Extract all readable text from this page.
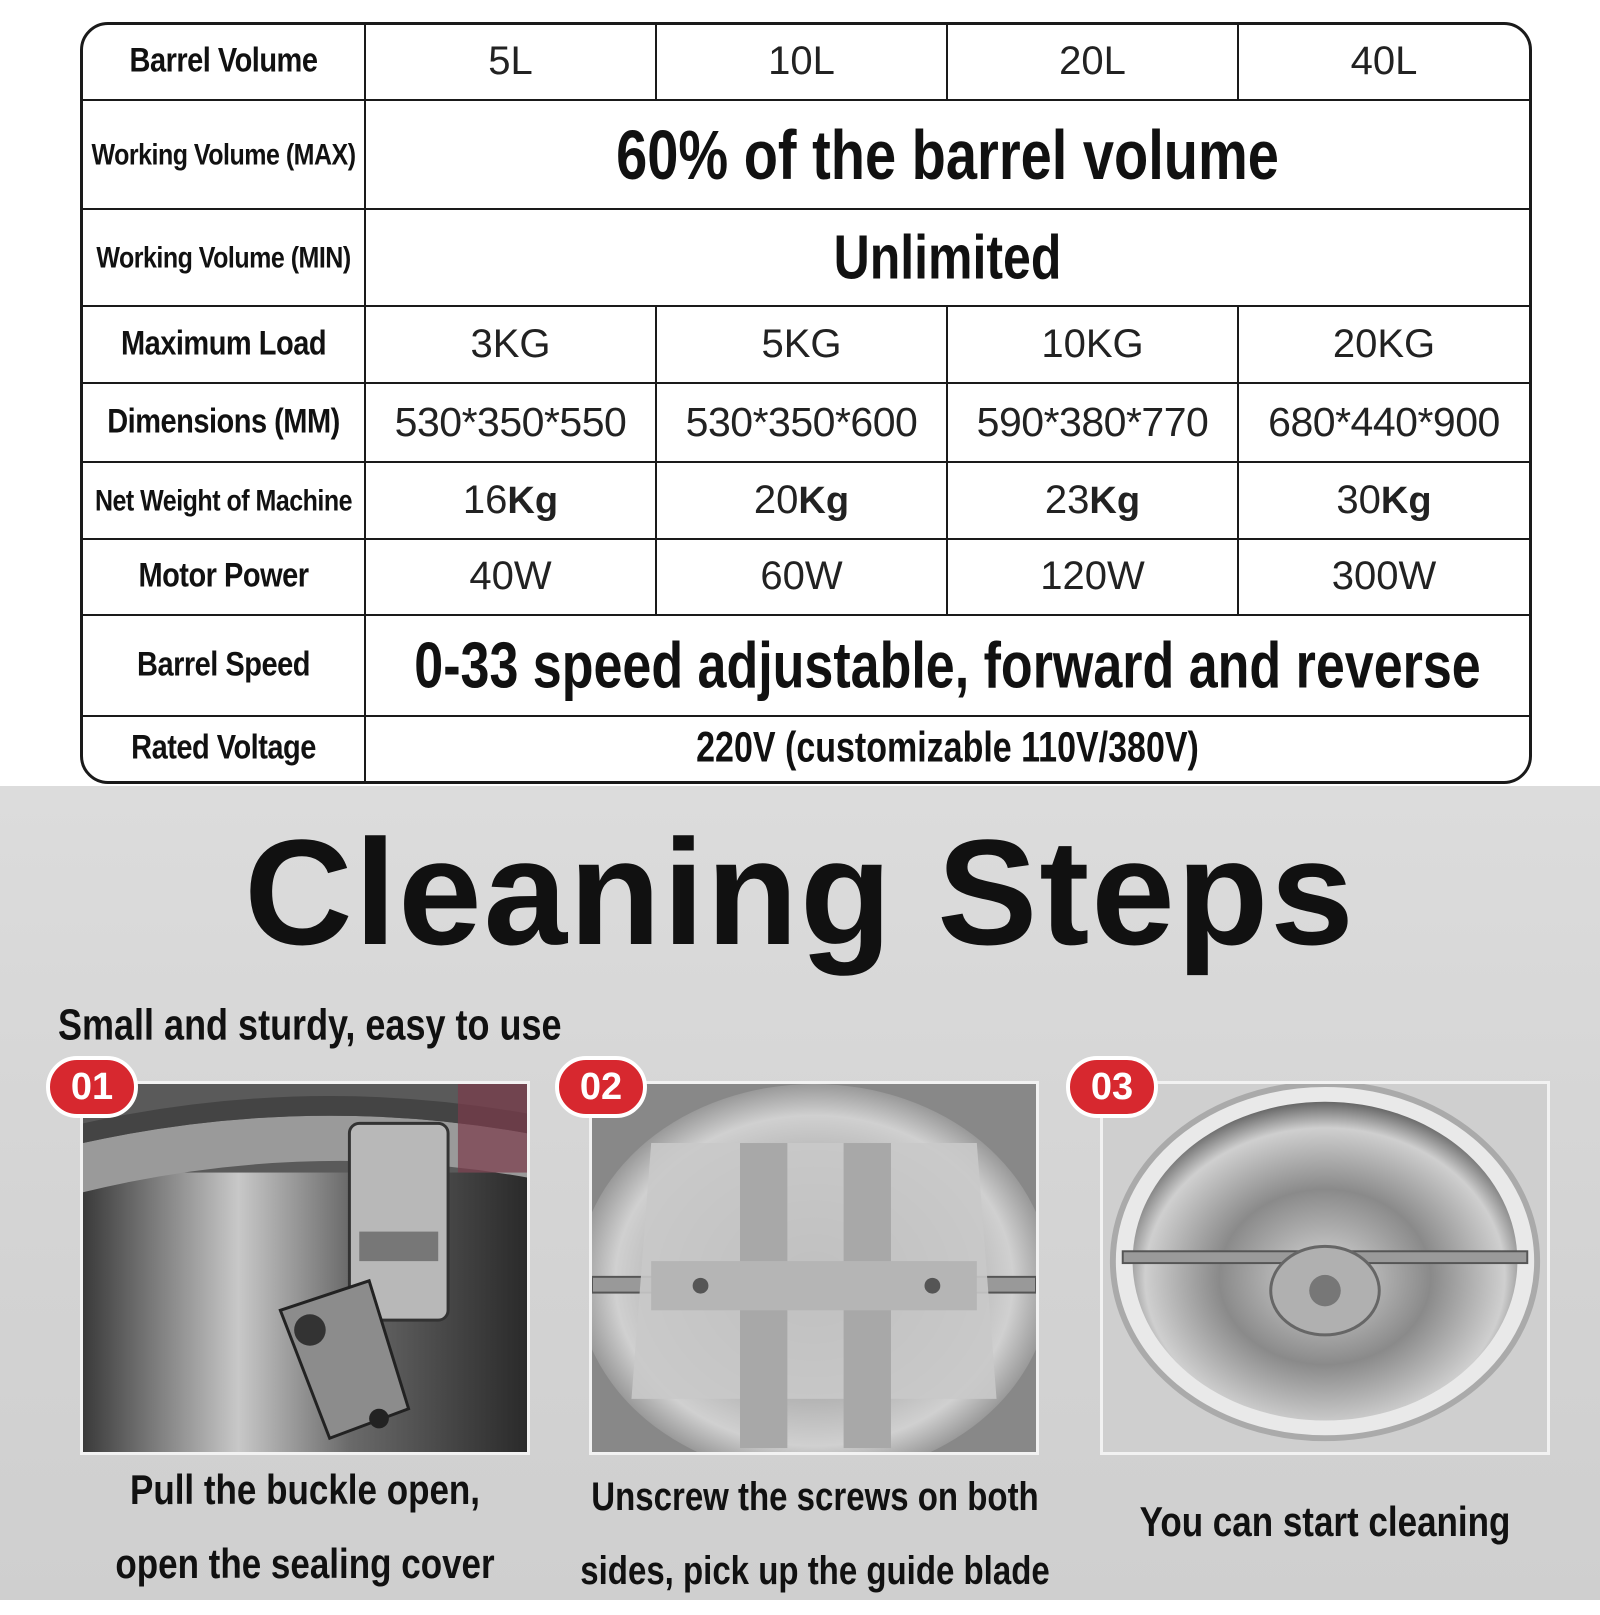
Barrel Volume	5L	10L	20L	40L
Working Volume (MAX)	60% of the barrel volume			
Working Volume (MIN)	Unlimited			
Maximum Load	3KG	5KG	10KG	20KG
Dimensions (MM)	530*350*550	530*350*600	590*380*770	680*440*900
Net Weight of Machine	16Kg	20Kg	23Kg	30Kg
Motor Power	40W	60W	120W	300W
Barrel Speed	0-33 speed adjustable, forward and reverse			
Rated Voltage	220V (customizable 110V/380V)			
Cleaning Steps
Small and sturdy, easy to use
01	02	03
Pull the buckle open,
open the sealing cover
Unscrew the screws on both
sides, pick up the guide blade
You can start cleaning
